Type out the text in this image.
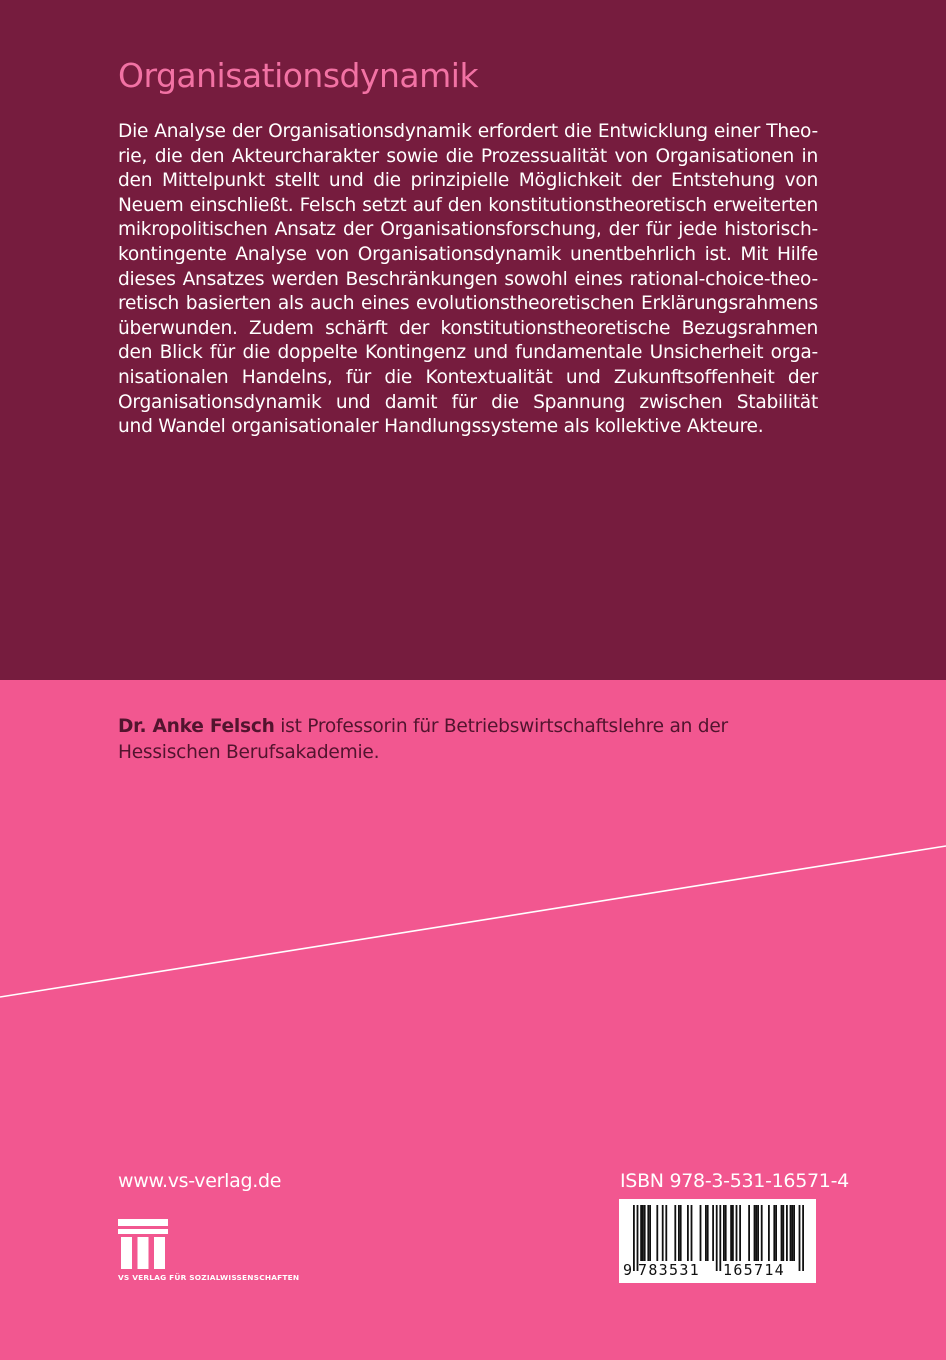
Organisationsdynamik
Die Analyse der Organisationsdynamik erfordert die Entwicklung einer Theo-
rie, die den Akteurcharakter sowie die Prozessualität von Organisationen in
den Mittelpunkt stellt und die prinzipielle Möglichkeit der Entstehung von
Neuem einschließt. Felsch setzt auf den konstitutionstheoretisch erweiterten
mikropolitischen Ansatz der Organisationsforschung, der für jede historisch-
kontingente Analyse von Organisationsdynamik unentbehrlich ist. Mit Hilfe
dieses Ansatzes werden Beschränkungen sowohl eines rational-choice-theo-
retisch basierten als auch eines evolutionstheoretischen Erklärungsrahmens
überwunden. Zudem schärft der konstitutionstheoretische Bezugsrahmen
den Blick für die doppelte Kontingenz und fundamentale Unsicherheit orga-
nisationalen Handelns, für die Kontextualität und Zukunftsoffenheit der
Organisationsdynamik und damit für die Spannung zwischen Stabilität
und Wandel organisationaler Handlungssysteme als kollektive Akteure.
Dr. Anke Felsch ist Professorin für Betriebswirtschaftslehre an der
Hessischen Berufsakademie.

www.vs-verlag.de

VS VERLAG FÜR SOZIALWISSENSCHAFTEN

ISBN 978-3-531-16571-4

9 783531 165714
